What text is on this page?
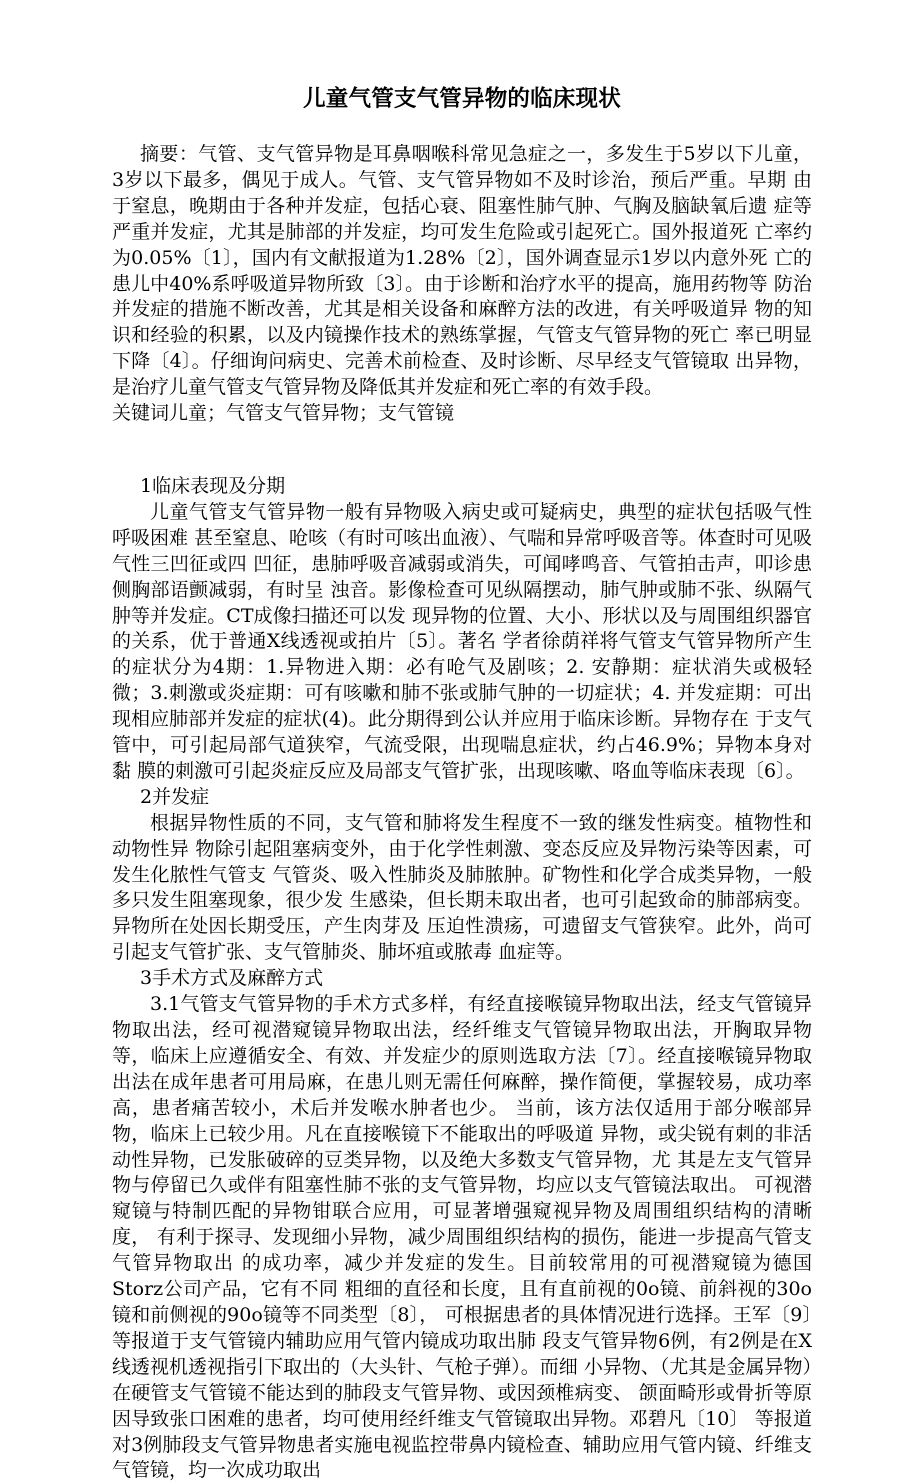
儿童气管支气管异物的临床现状

摘要：气管、支气管异物是耳鼻咽喉科常见急症之一，多发生于5岁以下儿童， 3岁以下最多，偶见于成人。气管、支气管异物如不及时诊治，预后严重。早期 由于窒息，晚期由于各种并发症，包括心衰、阻塞性肺气肿、气胸及脑缺氧后遗 症等严重并发症，尤其是肺部的并发症，均可发生危险或引起死亡。国外报道死 亡率约为0.05%〔1〕，国内有文献报道为1.28%〔2〕，国外调查显示1岁以内意外死 亡的患儿中40%系呼吸道异物所致〔3〕。由于诊断和治疗水平的提高，施用药物等 防治并发症的措施不断改善，尤其是相关设备和麻醉方法的改进，有关呼吸道异 物的知识和经验的积累，以及内镜操作技术的熟练掌握，气管支气管异物的死亡 率已明显下降〔4〕。仔细询问病史、完善术前检查、及时诊断、尽早经支气管镜取 出异物，是治疗儿童气管支气管异物及降低其并发症和死亡率的有效手段。

关键词儿童；气管支气管异物；支气管镜

1临床表现及分期

儿童气管支气管异物一般有异物吸入病史或可疑病史，典型的症状包括吸气性呼吸困难 甚至窒息、呛咳（有时可咳出血液）、气喘和异常呼吸音等。体查时可见吸气性三凹征或四 凹征，患肺呼吸音减弱或消失，可闻哮鸣音、气管拍击声，叩诊患侧胸部语颤减弱，有时呈 浊音。影像检查可见纵隔摆动，肺气肿或肺不张、纵隔气肿等并发症。CT成像扫描还可以发 现异物的位置、大小、形状以及与周围组织器官的关系，优于普通X线透视或拍片〔5〕。著名 学者徐荫祥将气管支气管异物所产生的症状分为4期：1.异物进入期：必有呛气及剧咳；2. 安静期：症状消失或极轻微；3.刺激或炎症期：可有咳嗽和肺不张或肺气肿的一切症状；4. 并发症期：可出现相应肺部并发症的症状(4)。此分期得到公认并应用于临床诊断。异物存在 于支气管中，可引起局部气道狭窄，气流受限，出现喘息症状，约占46.9%；异物本身对黏 膜的刺激可引起炎症反应及局部支气管扩张，出现咳嗽、咯血等临床表现〔6〕。

2并发症

根据异物性质的不同，支气管和肺将发生程度不一致的继发性病变。植物性和动物性异 物除引起阻塞病变外，由于化学性刺激、变态反应及异物污染等因素，可发生化脓性气管支 气管炎、吸入性肺炎及肺脓肿。矿物性和化学合成类异物，一般多只发生阻塞现象，很少发 生感染，但长期未取出者，也可引起致命的肺部病变。异物所在处因长期受压，产生肉芽及 压迫性溃疡，可遗留支气管狭窄。此外，尚可引起支气管扩张、支气管肺炎、肺坏疽或脓毒 血症等。

3手术方式及麻醉方式

3.1气管支气管异物的手术方式多样，有经直接喉镜异物取出法，经支气管镜异物取出法，经可视潜窥镜异物取出法，经纤维支气管镜异物取出法，开胸取异物等，临床上应遵循安全、有效、并发症少的原则选取方法〔7〕。经直接喉镜异物取出法在成年患者可用局麻，在患儿则无需任何麻醉，操作简便，掌握较易，成功率高，患者痛苦较小，术后并发喉水肿者也少。 当前，该方法仅适用于部分喉部异物，临床上已较少用。凡在直接喉镜下不能取出的呼吸道 异物，或尖锐有刺的非活动性异物，已发胀破碎的豆类异物，以及绝大多数支气管异物，尤 其是左支气管异物与停留已久或伴有阻塞性肺不张的支气管异物，均应以支气管镜法取出。 可视潜窥镜与特制匹配的异物钳联合应用，可显著增强窥视异物及周围组织结构的清晰度， 有利于探寻、发现细小异物，减少周围组织结构的损伤，能进一步提高气管支气管异物取出 的成功率，减少并发症的发生。目前较常用的可视潜窥镜为德国Storz公司产品，它有不同 粗细的直径和长度，且有直前视的0o镜、前斜视的30o镜和前侧视的90o镜等不同类型〔8〕， 可根据患者的具体情况进行选择。王军〔9〕等报道于支气管镜内辅助应用气管内镜成功取出肺 段支气管异物6例，有2例是在X线透视机透视指引下取出的（大头针、气枪子弹）。而细 小异物、（尤其是金属异物）在硬管支气管镜不能达到的肺段支气管异物、或因颈椎病变、 颌面畸形或骨折等原因导致张口困难的患者，均可使用经纤维支气管镜取出异物。邓碧凡〔10〕 等报道对3例肺段支气管异物患者实施电视监控带鼻内镜检查、辅助应用气管内镜、纤维支 气管镜，均一次成功取出
